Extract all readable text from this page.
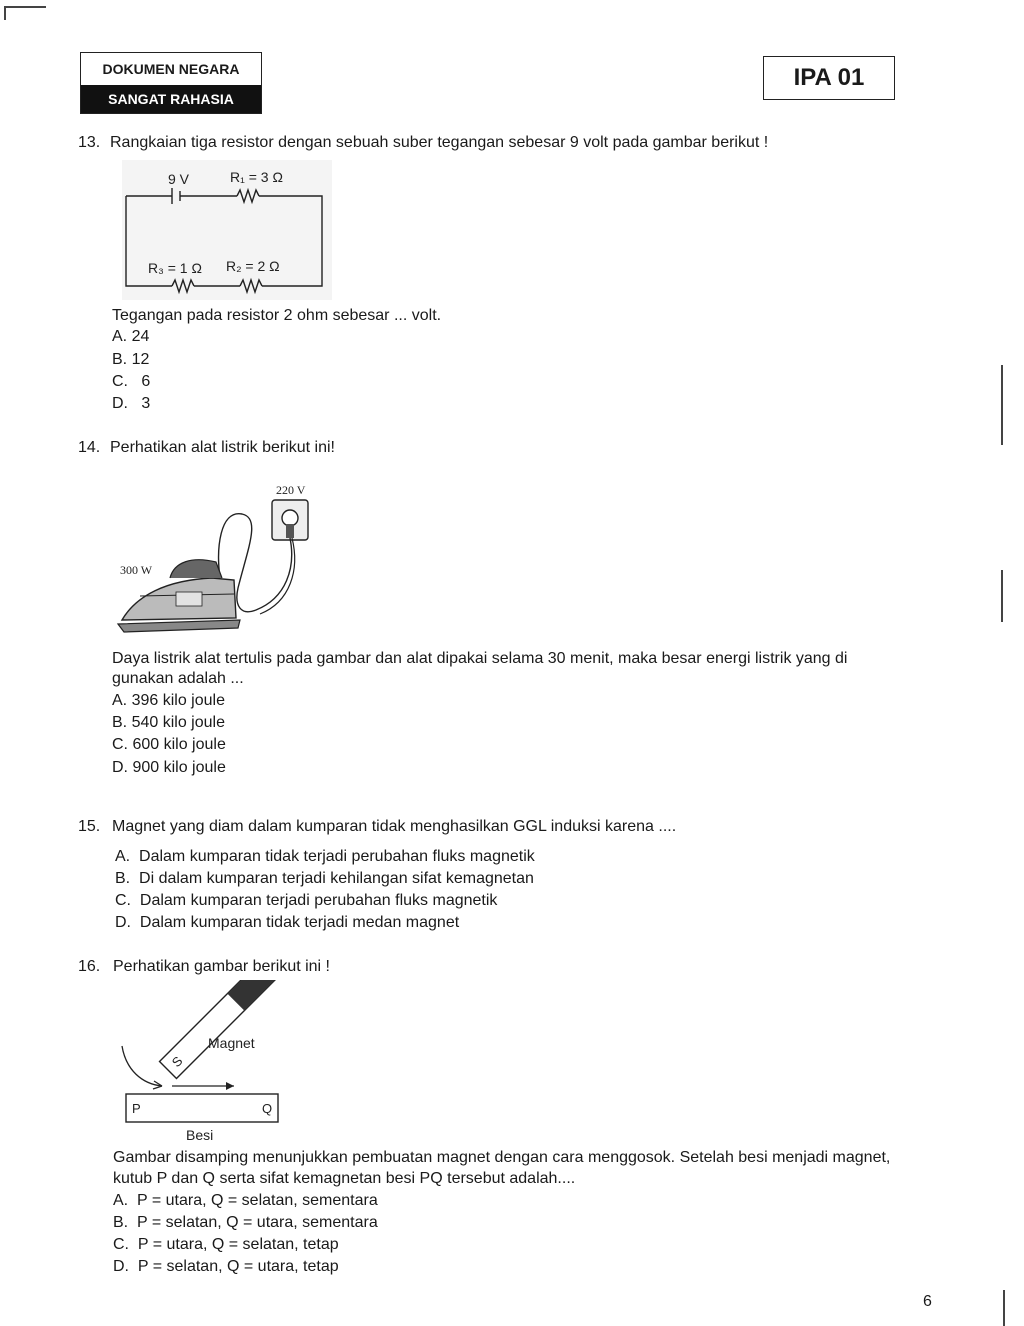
DOKUMEN NEGARA
SANGAT RAHASIA
IPA 01
13. Rangkaian tiga resistor dengan sebuah suber tegangan sebesar 9 volt pada gambar berikut !
9 V	R₁ = 3 Ω
R₃ = 1 Ω R₂ = 2 Ω
Tegangan pada resistor 2 ohm sebesar ... volt.
A. 24
B. 12
C.   6
D.   3
14. Perhatikan alat listrik berikut ini!
220 V
300 W
Daya listrik alat tertulis pada gambar dan alat dipakai selama 30 menit, maka besar energi listrik yang di
gunakan adalah ...
A. 396 kilo joule
B. 540 kilo joule
C. 600 kilo joule
D. 900 kilo joule
15. Magnet yang diam dalam kumparan tidak menghasilkan GGL induksi karena ....
A.  Dalam kumparan tidak terjadi perubahan fluks magnetik
B.  Di dalam kumparan terjadi kehilangan sifat kemagnetan
C.  Dalam kumparan terjadi perubahan fluks magnetik
D.  Dalam kumparan tidak terjadi medan magnet
16. Perhatikan gambar berikut ini !
S
P	Q
Magnet
Besi
Gambar disamping menunjukkan pembuatan magnet dengan cara menggosok. Setelah besi menjadi magnet,
kutub P dan Q serta sifat kemagnetan besi PQ tersebut adalah....
A.  P = utara, Q = selatan, sementara
B.  P = selatan, Q = utara, sementara
C.  P = utara, Q = selatan, tetap
D.  P = selatan, Q = utara, tetap
6
